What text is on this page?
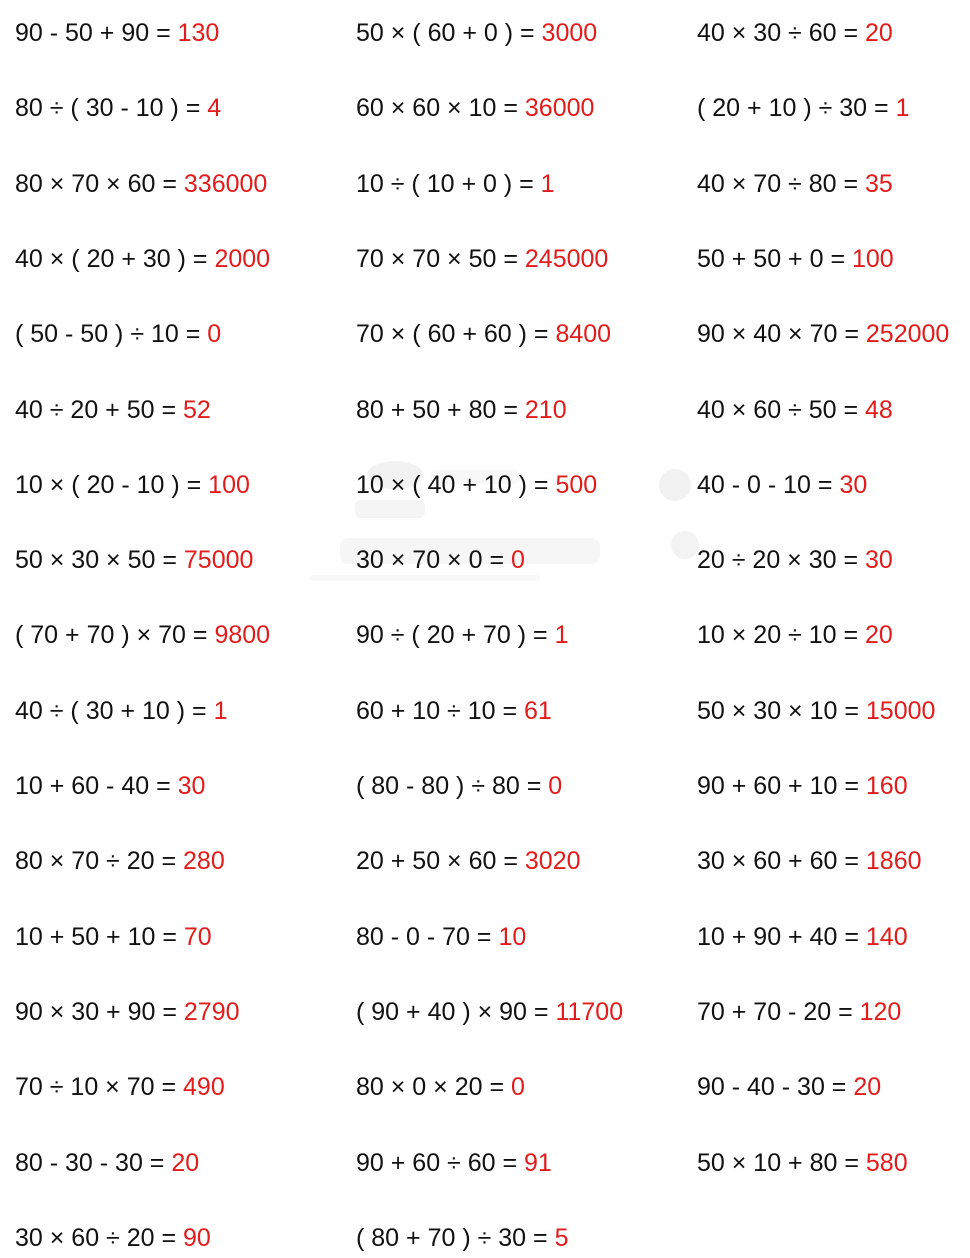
90 - 50 + 90 = 130	50 × ( 60 + 0 ) = 3000	40 × 30 ÷ 60 = 20
80 ÷ ( 30 - 10 ) = 4	60 × 60 × 10 = 36000	( 20 + 10 ) ÷ 30 = 1
80 × 70 × 60 = 336000	10 ÷ ( 10 + 0 ) = 1	40 × 70 ÷ 80 = 35
40 × ( 20 + 30 ) = 2000	70 × 70 × 50 = 245000	50 + 50 + 0 = 100
( 50 - 50 ) ÷ 10 = 0	70 × ( 60 + 60 ) = 8400	90 × 40 × 70 = 252000
40 ÷ 20 + 50 = 52	80 + 50 + 80 = 210	40 × 60 ÷ 50 = 48
10 × ( 20 - 10 ) = 100	10 × ( 40 + 10 ) = 500	40 - 0 - 10 = 30
50 × 30 × 50 = 75000	30 × 70 × 0 = 0	20 ÷ 20 × 30 = 30
( 70 + 70 ) × 70 = 9800	90 ÷ ( 20 + 70 ) = 1	10 × 20 ÷ 10 = 20
40 ÷ ( 30 + 10 ) = 1	60 + 10 ÷ 10 = 61	50 × 30 × 10 = 15000
10 + 60 - 40 = 30	( 80 - 80 ) ÷ 80 = 0	90 + 60 + 10 = 160
80 × 70 ÷ 20 = 280	20 + 50 × 60 = 3020	30 × 60 + 60 = 1860
10 + 50 + 10 = 70	80 - 0 - 70 = 10	10 + 90 + 40 = 140
90 × 30 + 90 = 2790	( 90 + 40 ) × 90 = 11700	70 + 70 - 20 = 120
70 ÷ 10 × 70 = 490	80 × 0 × 20 = 0	90 - 40 - 30 = 20
80 - 30 - 30 = 20	90 + 60 ÷ 60 = 91	50 × 10 + 80 = 580
30 × 60 ÷ 20 = 90	( 80 + 70 ) ÷ 30 = 5
